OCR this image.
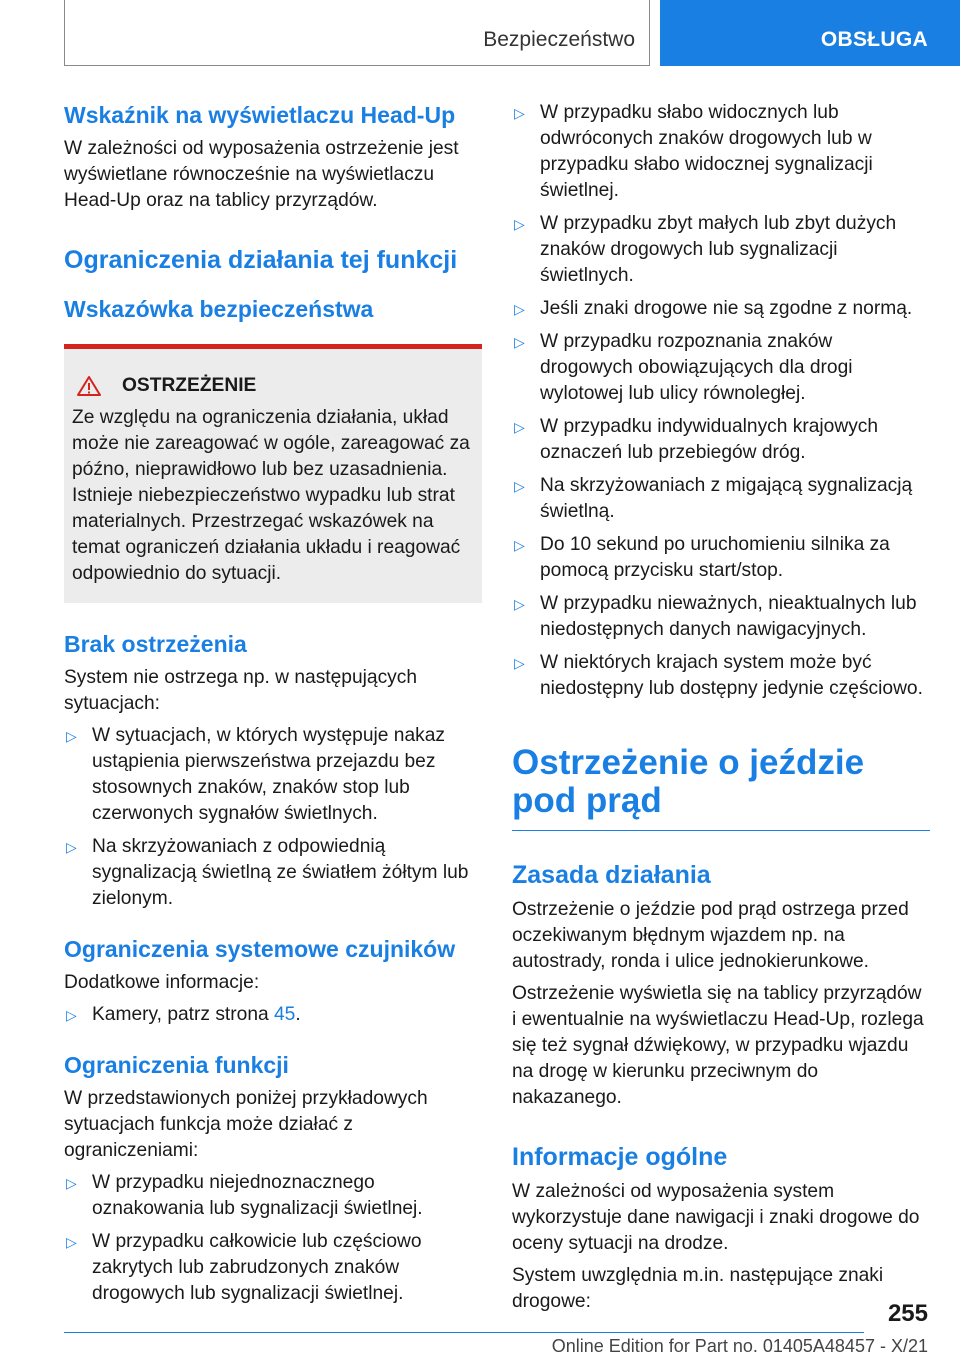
Bezpieczeństwo	OBSŁUGA
Wskaźnik na wyświetlaczu Head-Up

W zależności od wyposażenia ostrzeżenie jest wyświetlane równocześnie na wyświetlaczu Head-Up oraz na tablicy przyrządów.

Ograniczenia działania tej funkcji
Wskazówka bezpieczeństwa
OSTRZEŻENIE

Ze względu na ograniczenia działania, układ może nie zareagować w ogóle, zareagować za późno, nieprawidłowo lub bez uzasadnienia. Istnieje niebezpieczeństwo wypadku lub strat materialnych. Przestrzegać wskazówek na temat ograniczeń działania układu i reagować odpowiednio do sytuacji.

Brak ostrzeżenia

System nie ostrzega np. w następujących sytuacjach:

▷ W sytuacjach, w których występuje nakaz ustąpienia pierwszeństwa przejazdu bez stosownych znaków, znaków stop lub czerwonych sygnałów świetlnych.
▷ Na skrzyżowaniach z odpowiednią sygnalizacją świetlną ze światłem żółtym lub zielonym.
Ograniczenia systemowe czujników

Dodatkowe informacje:

▷ Kamery, patrz strona 45.
Ograniczenia funkcji

W przedstawionych poniżej przykładowych sytuacjach funkcja może działać z ograniczeniami:

▷ W przypadku niejednoznacznego oznakowania lub sygnalizacji świetlnej.
▷ W przypadku całkowicie lub częściowo zakrytych lub zabrudzonych znaków drogowych lub sygnalizacji świetlnej.
▷ W przypadku słabo widocznych lub odwróconych znaków drogowych lub w przypadku słabo widocznej sygnalizacji świetlnej.
▷ W przypadku zbyt małych lub zbyt dużych znaków drogowych lub sygnalizacji świetlnych.
▷ Jeśli znaki drogowe nie są zgodne z normą.
▷ W przypadku rozpoznania znaków drogowych obowiązujących dla drogi wylotowej lub ulicy równoległej.
▷ W przypadku indywidualnych krajowych oznaczeń lub przebiegów dróg.
▷ Na skrzyżowaniach z migającą sygnalizacją świetlną.
▷ Do 10 sekund po uruchomieniu silnika za pomocą przycisku start/stop.
▷ W przypadku nieważnych, nieaktualnych lub niedostępnych danych nawigacyjnych.
▷ W niektórych krajach system może być niedostępny lub dostępny jedynie częściowo.
Ostrzeżenie o jeździe pod prąd
Zasada działania

Ostrzeżenie o jeździe pod prąd ostrzega przed oczekiwanym błędnym wjazdem np. na autostrady, ronda i ulice jednokierunkowe.

Ostrzeżenie wyświetla się na tablicy przyrządów i ewentualnie na wyświetlaczu Head-Up, rozlega się też sygnał dźwiękowy, w przypadku wjazdu na drogę w kierunku przeciwnym do nakazanego.

Informacje ogólne

W zależności od wyposażenia system wykorzystuje dane nawigacji i znaki drogowe do oceny sytuacji na drodze.

System uwzględnia m.in. następujące znaki drogowe:	255
Online Edition for Part no. 01405A48457 - X/21
